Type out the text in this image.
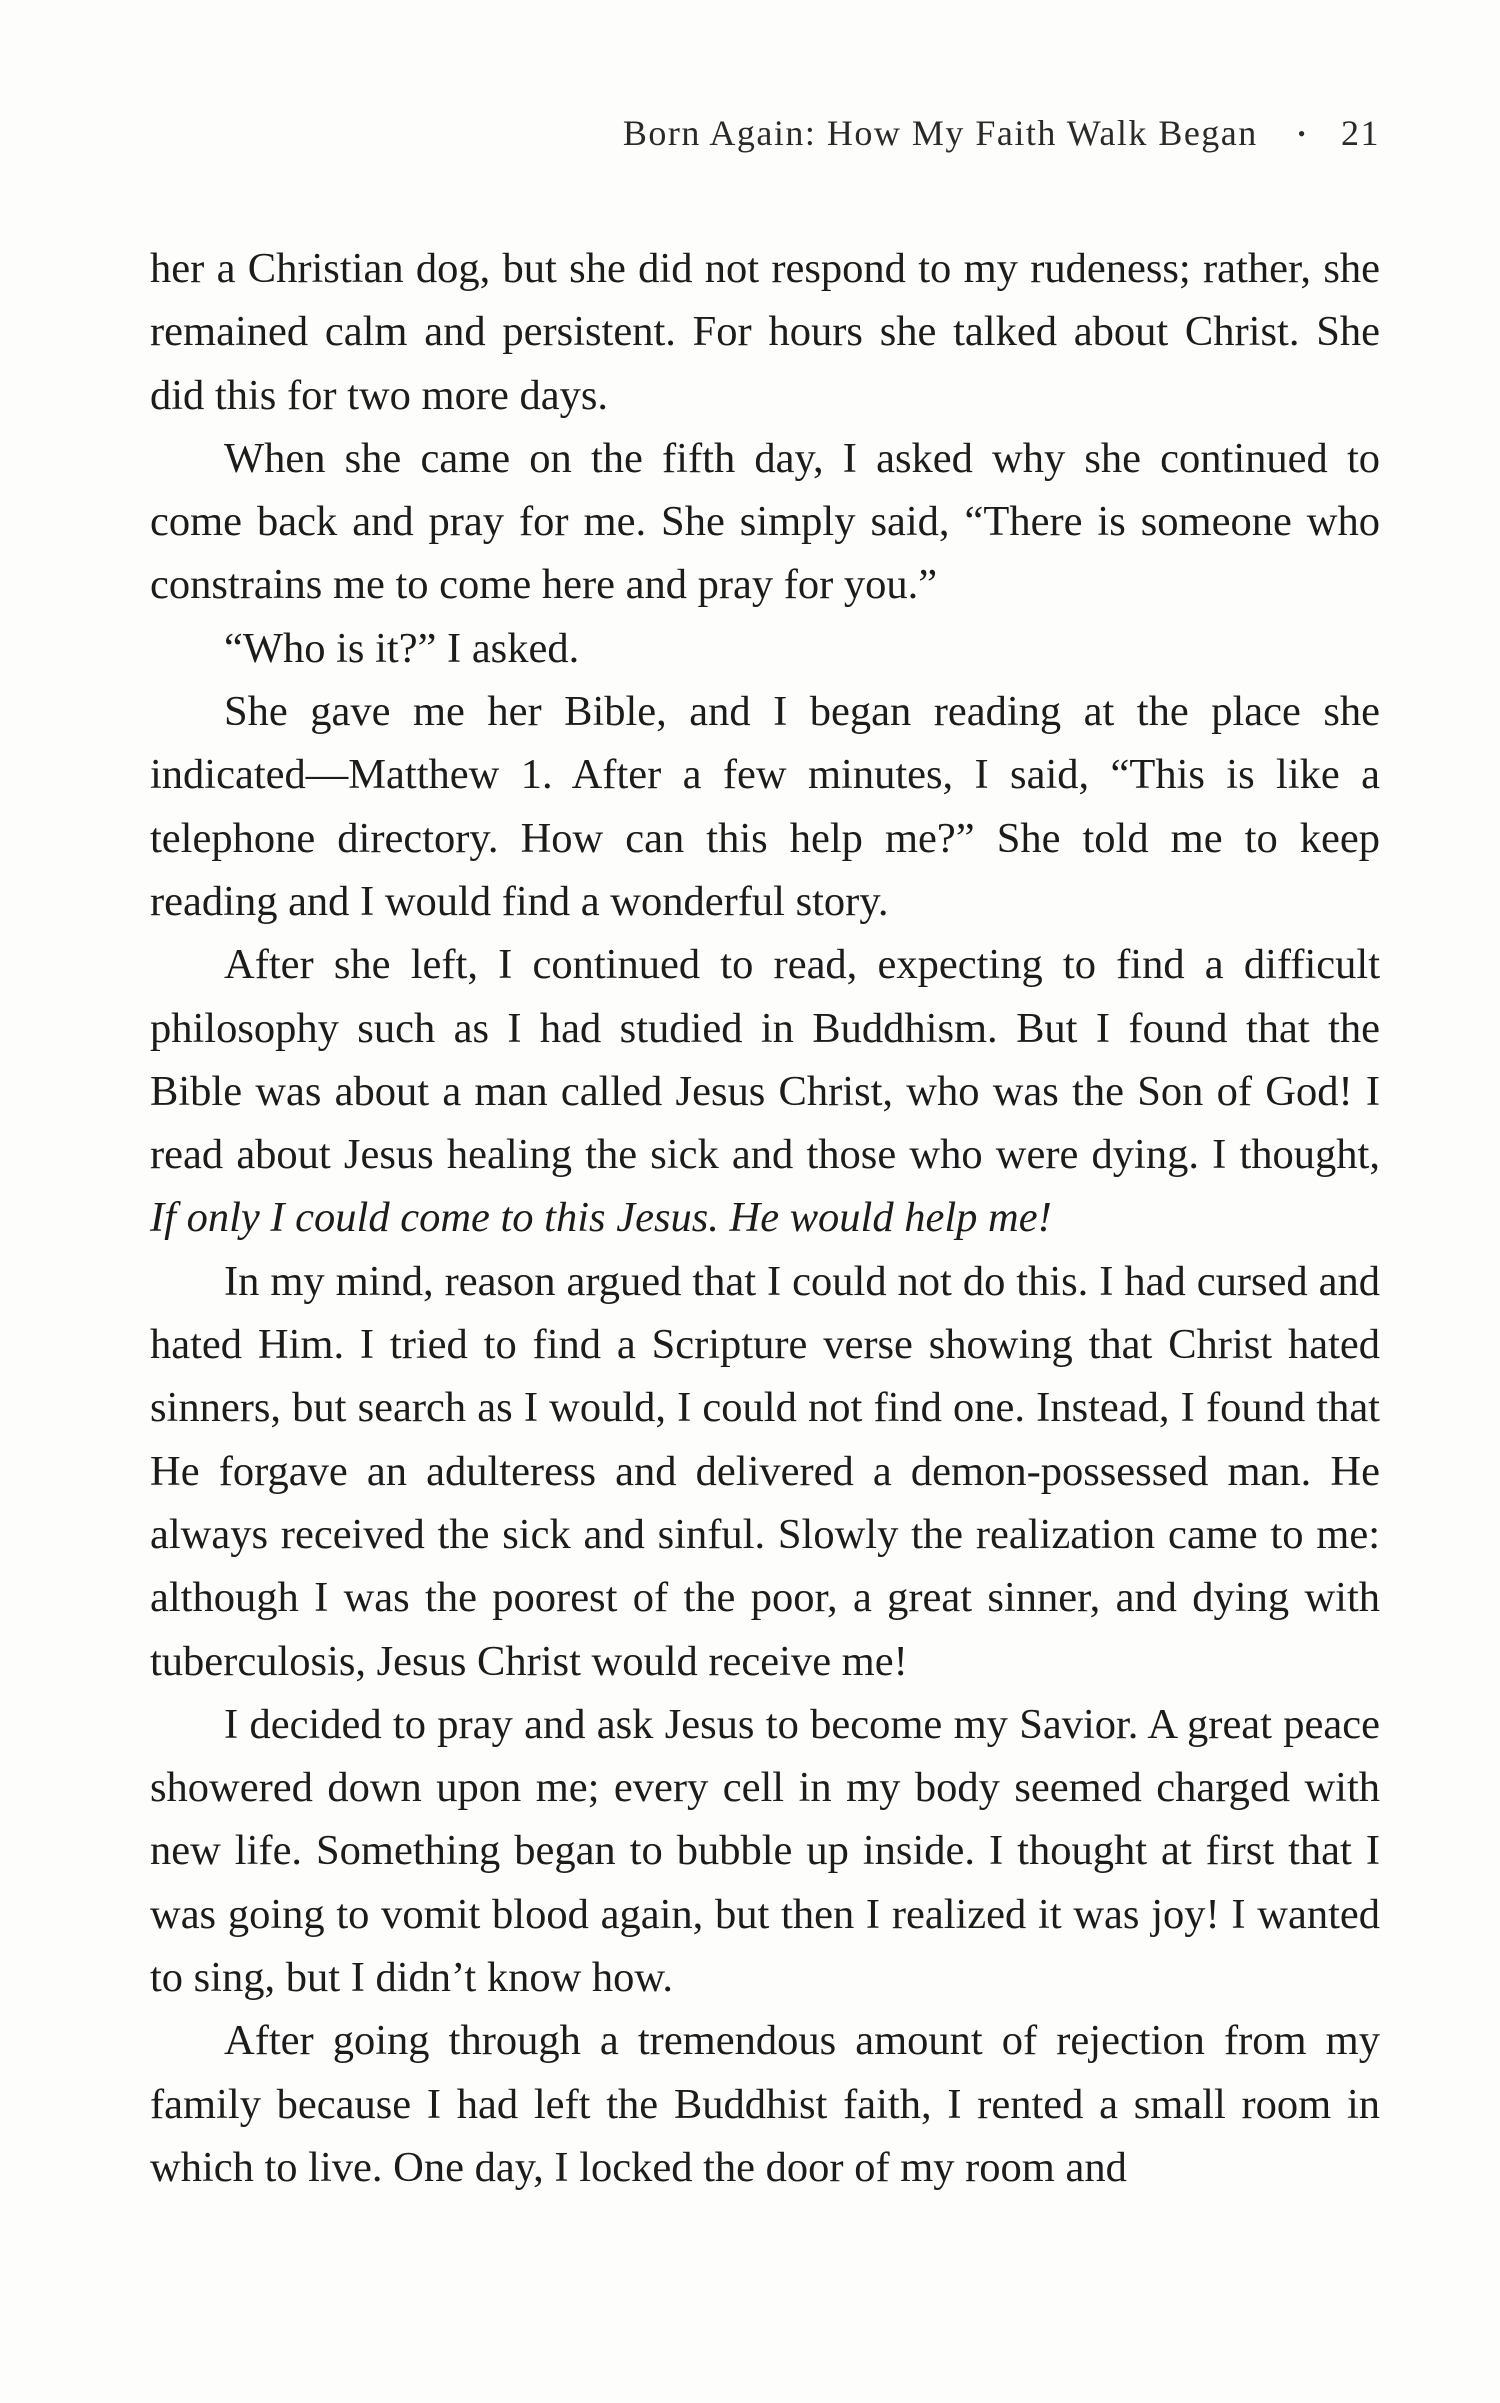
Born Again: How My Faith Walk Began • 21

her a Christian dog, but she did not respond to my rudeness; rather, she remained calm and persistent. For hours she talked about Christ. She did this for two more days.

When she came on the fifth day, I asked why she continued to come back and pray for me. She simply said, “There is someone who constrains me to come here and pray for you.”

“Who is it?” I asked.

She gave me her Bible, and I began reading at the place she indicated—Matthew 1. After a few minutes, I said, “This is like a telephone directory. How can this help me?” She told me to keep reading and I would find a wonderful story.

After she left, I continued to read, expecting to find a difficult philosophy such as I had studied in Buddhism. But I found that the Bible was about a man called Jesus Christ, who was the Son of God! I read about Jesus healing the sick and those who were dying. I thought, If only I could come to this Jesus. He would help me!

In my mind, reason argued that I could not do this. I had cursed and hated Him. I tried to find a Scripture verse showing that Christ hated sinners, but search as I would, I could not find one. Instead, I found that He forgave an adulteress and delivered a demon-possessed man. He always received the sick and sinful. Slowly the realization came to me: although I was the poorest of the poor, a great sinner, and dying with tuberculosis, Jesus Christ would receive me!

I decided to pray and ask Jesus to become my Savior. A great peace showered down upon me; every cell in my body seemed charged with new life. Something began to bubble up inside. I thought at first that I was going to vomit blood again, but then I realized it was joy! I wanted to sing, but I didn’t know how.

After going through a tremendous amount of rejection from my family because I had left the Buddhist faith, I rented a small room in which to live. One day, I locked the door of my room and
